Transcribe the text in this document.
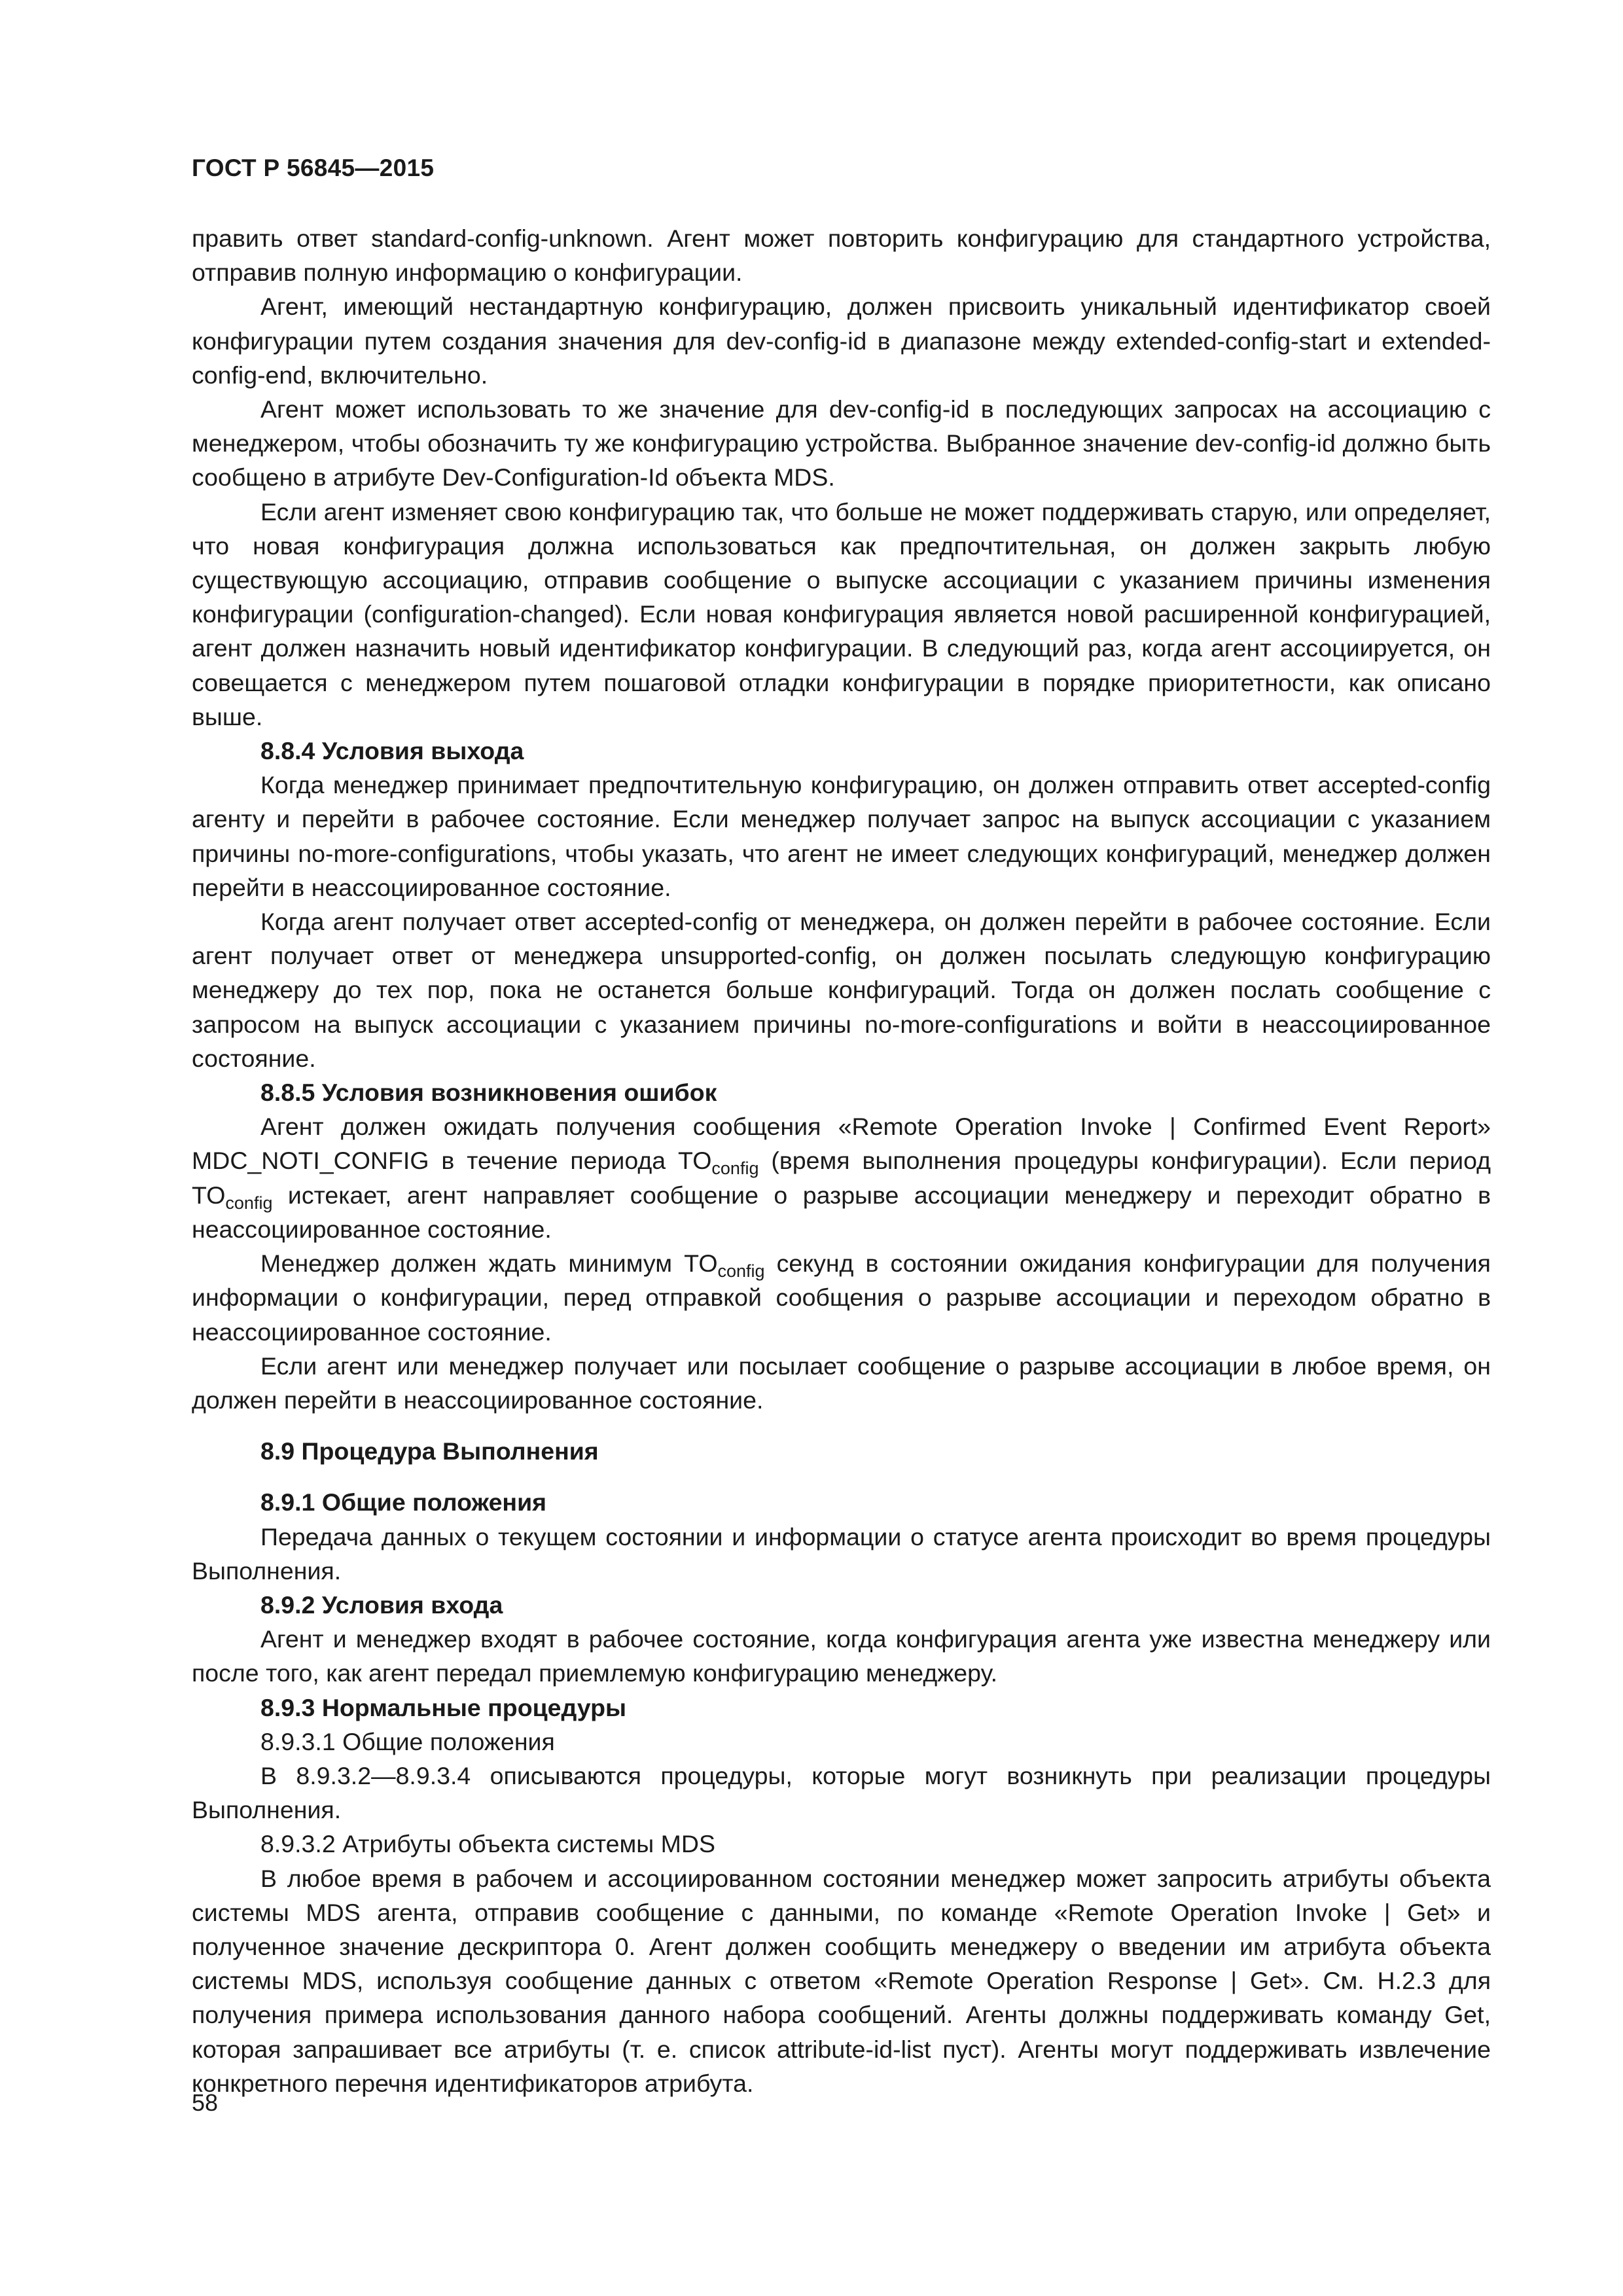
ГОСТ Р 56845—2015

править ответ standard-config-unknown. Агент может повторить конфигурацию для стандартного устройства, отправив полную информацию о конфигурации.

Агент, имеющий нестандартную конфигурацию, должен присвоить уникальный идентификатор своей конфигурации путем создания значения для dev-config-id в диапазоне между extended-config-start и extended-config-end, включительно.

Агент может использовать то же значение для dev-config-id в последующих запросах на ассоциацию с менеджером, чтобы обозначить ту же конфигурацию устройства. Выбранное значение dev-config-id должно быть сообщено в атрибуте Dev-Configuration-Id объекта MDS.

Если агент изменяет свою конфигурацию так, что больше не может поддерживать старую, или определяет, что новая конфигурация должна использоваться как предпочтительная, он должен закрыть любую существующую ассоциацию, отправив сообщение о выпуске ассоциации с указанием причины изменения конфигурации (configuration-changed). Если новая конфигурация является новой расширенной конфигурацией, агент должен назначить новый идентификатор конфигурации. В следующий раз, когда агент ассоциируется, он совещается с менеджером путем пошаговой отладки конфигурации в порядке приоритетности, как описано выше.

8.8.4 Условия выхода

Когда менеджер принимает предпочтительную конфигурацию, он должен отправить ответ accepted-config агенту и перейти в рабочее состояние. Если менеджер получает запрос на выпуск ассоциации с указанием причины no-more-configurations, чтобы указать, что агент не имеет следующих конфигураций, менеджер должен перейти в неассоциированное состояние.

Когда агент получает ответ accepted-config от менеджера, он должен перейти в рабочее состояние. Если агент получает ответ от менеджера unsupported-config, он должен посылать следующую конфигурацию менеджеру до тех пор, пока не останется больше конфигураций. Тогда он должен послать сообщение с запросом на выпуск ассоциации с указанием причины no-more-configurations и войти в неассоциированное состояние.

8.8.5 Условия возникновения ошибок

Агент должен ожидать получения сообщения «Remote Operation Invoke | Confirmed Event Report» MDC_NOTI_CONFIG в течение периода $TO_{config}$ (время выполнения процедуры конфигурации). Если период $TO_{config}$ истекает, агент направляет сообщение о разрыве ассоциации менеджеру и переходит обратно в неассоциированное состояние.

Менеджер должен ждать минимум $TO_{config}$ секунд в состоянии ожидания конфигурации для получения информации о конфигурации, перед отправкой сообщения о разрыве ассоциации и переходом обратно в неассоциированное состояние.

Если агент или менеджер получает или посылает сообщение о разрыве ассоциации в любое время, он должен перейти в неассоциированное состояние.

8.9 Процедура Выполнения
8.9.1 Общие положения

Передача данных о текущем состоянии и информации о статусе агента происходит во время процедуры Выполнения.

8.9.2 Условия входа

Агент и менеджер входят в рабочее состояние, когда конфигурация агента уже известна менеджеру или после того, как агент передал приемлемую конфигурацию менеджеру.

8.9.3 Нормальные процедуры

8.9.3.1 Общие положения

В 8.9.3.2—8.9.3.4 описываются процедуры, которые могут возникнуть при реализации процедуры Выполнения.

8.9.3.2 Атрибуты объекта системы MDS

В любое время в рабочем и ассоциированном состоянии менеджер может запросить атрибуты объекта системы MDS агента, отправив сообщение с данными, по команде «Remote Operation Invoke | Get» и полученное значение дескриптора 0. Агент должен сообщить менеджеру о введении им атрибута объекта системы MDS, используя сообщение данных с ответом «Remote Operation Response | Get». См. Н.2.3 для получения примера использования данного набора сообщений. Агенты должны поддерживать команду Get, которая запрашивает все атрибуты (т. е. список attribute-id-list пуст). Агенты могут поддерживать извлечение конкретного перечня идентификаторов атрибута.

58
